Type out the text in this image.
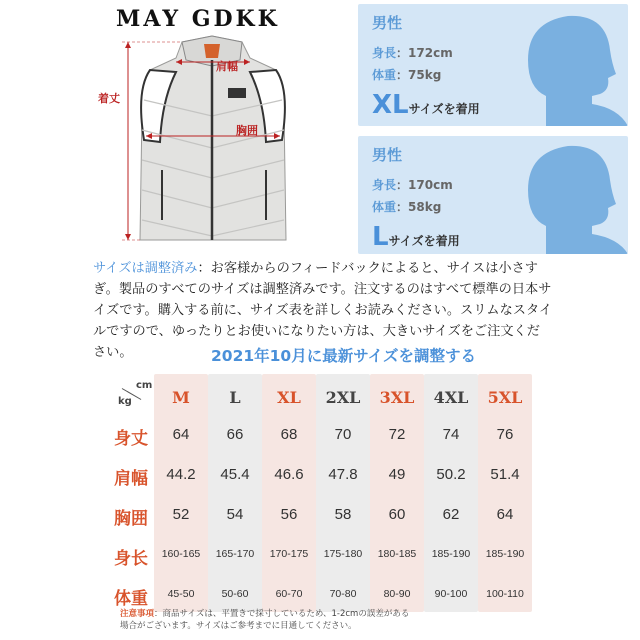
MAY GDKK
着丈
肩幅
胸囲
男性
身長：172cm
体重：75kg
XLサイズを着用
男性
身長：170cm
体重：58kg
Lサイズを着用
サイズは調整済み：お客様からのフィードバックによると、サイスは小さすぎ。製品のすべてのサイズは調整済みです。注文するのはすべて標準の日本サイズです。購入する前に、サイズ表を詳しくお読みください。スリムなスタイルですので、ゆったりとお使いになりたい方は、大きいサイズをご注文ください。	2021年10月に最新サイズを調整する
cm
kg	M	L	XL	2XL	3XL	4XL	5XL
身丈	64	66	68	70	72	74	76
肩幅	44.2	45.4	46.6	47.8	49	50.2	51.4
胸囲	52	54	56	58	60	62	64
身长	160-165	165-170	170-175	175-180	180-185	185-190	185-190
体重	45-50	50-60	60-70	70-80	80-90	90-100	100-110
注意事項：商品サイズは、平置きで採寸しているため、1-2cmの誤差がある
場合がございます。サイズはご参考までに目通してください。
